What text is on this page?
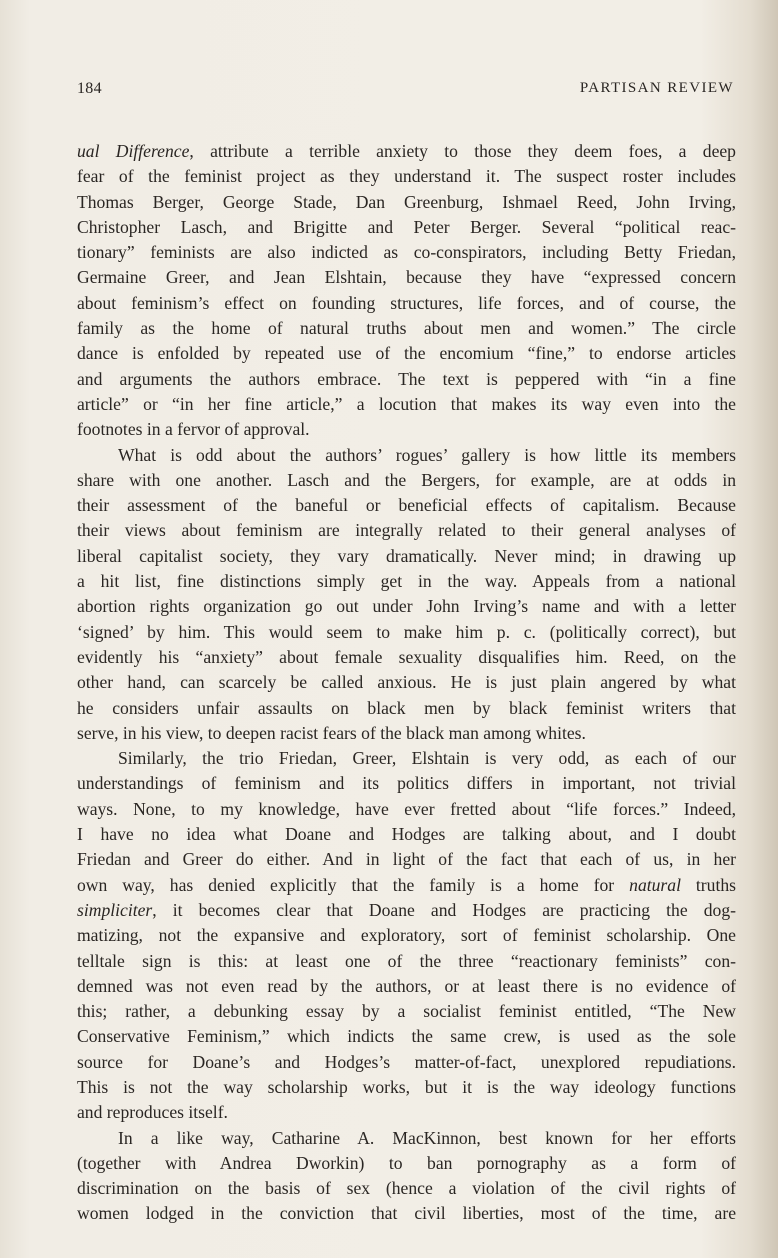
184	PARTISAN REVIEW
ual Difference, attribute a terrible anxiety to those they deem foes, a deep
fear of the feminist project as they understand it. The suspect roster includes
Thomas Berger, George Stade, Dan Greenburg, Ishmael Reed, John Irving,
Christopher Lasch, and Brigitte and Peter Berger. Several “political reac-
tionary” feminists are also indicted as co-conspirators, including Betty Friedan,
Germaine Greer, and Jean Elshtain, because they have “expressed concern
about feminism’s effect on founding structures, life forces, and of course, the
family as the home of natural truths about men and women.” The circle
dance is enfolded by repeated use of the encomium “fine,” to endorse articles
and arguments the authors embrace. The text is peppered with “in a fine
article” or “in her fine article,” a locution that makes its way even into the
footnotes in a fervor of approval.
What is odd about the authors’ rogues’ gallery is how little its members
share with one another. Lasch and the Bergers, for example, are at odds in
their assessment of the baneful or beneficial effects of capitalism. Because
their views about feminism are integrally related to their general analyses of
liberal capitalist society, they vary dramatically. Never mind; in drawing up
a hit list, fine distinctions simply get in the way. Appeals from a national
abortion rights organization go out under John Irving’s name and with a letter
‘signed’ by him. This would seem to make him p. c. (politically correct), but
evidently his “anxiety” about female sexuality disqualifies him. Reed, on the
other hand, can scarcely be called anxious. He is just plain angered by what
he considers unfair assaults on black men by black feminist writers that
serve, in his view, to deepen racist fears of the black man among whites.
Similarly, the trio Friedan, Greer, Elshtain is very odd, as each of our
understandings of feminism and its politics differs in important, not trivial
ways. None, to my knowledge, have ever fretted about “life forces.” Indeed,
I have no idea what Doane and Hodges are talking about, and I doubt
Friedan and Greer do either. And in light of the fact that each of us, in her
own way, has denied explicitly that the family is a home for natural truths
simpliciter, it becomes clear that Doane and Hodges are practicing the dog-
matizing, not the expansive and exploratory, sort of feminist scholarship. One
telltale sign is this: at least one of the three “reactionary feminists” con-
demned was not even read by the authors, or at least there is no evidence of
this; rather, a debunking essay by a socialist feminist entitled, “The New
Conservative Feminism,” which indicts the same crew, is used as the sole
source for Doane’s and Hodges’s matter-of-fact, unexplored repudiations.
This is not the way scholarship works, but it is the way ideology functions
and reproduces itself.
In a like way, Catharine A. MacKinnon, best known for her efforts
(together with Andrea Dworkin) to ban pornography as a form of
discrimination on the basis of sex (hence a violation of the civil rights of
women lodged in the conviction that civil liberties, most of the time, are
